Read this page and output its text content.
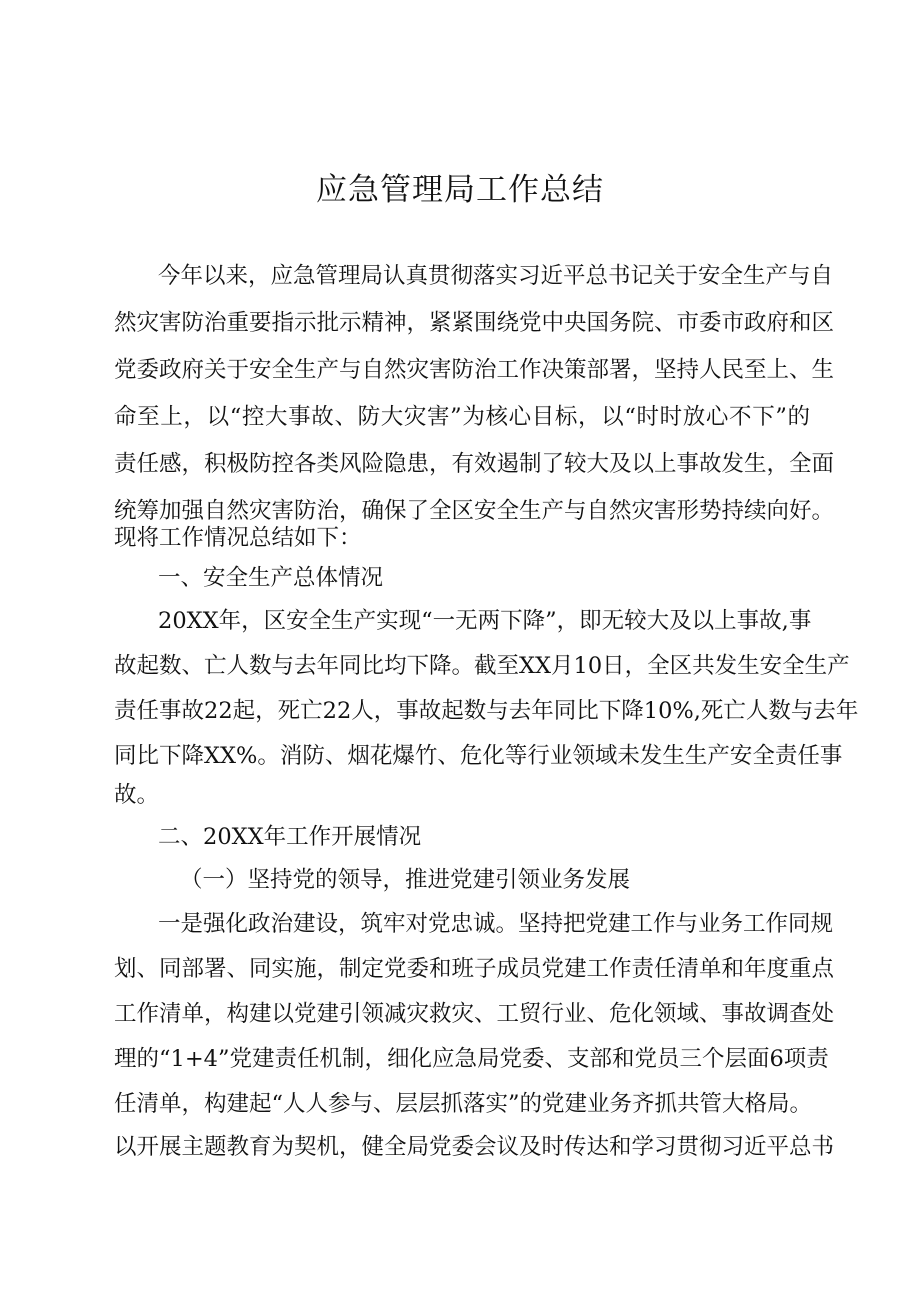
应急管理局工作总结
今年以来，应急管理局认真贯彻落实习近平总书记关于安全生产与自
然灾害防治重要指示批示精神，紧紧围绕党中央国务院、市委市政府和区
党委政府关于安全生产与自然灾害防治工作决策部署，坚持人民至上、生
命至上，以“控大事故、防大灾害”为核心目标，以“时时放心不下”的
责任感，积极防控各类风险隐患，有效遏制了较大及以上事故发生，全面
统筹加强自然灾害防治，确保了全区安全生产与自然灾害形势持续向好。
现将工作情况总结如下：
一、安全生产总体情况
20XX年，区安全生产实现“一无两下降”，即无较大及以上事故,事
故起数、亡人数与去年同比均下降。截至XX月10日，全区共发生安全生产
责任事故22起，死亡22人，事故起数与去年同比下降10%,死亡人数与去年
同比下降XX%。消防、烟花爆竹、危化等行业领域未发生生产安全责任事
故。
二、20XX年工作开展情况
（一）坚持党的领导，推进党建引领业务发展
一是强化政治建设，筑牢对党忠诚。坚持把党建工作与业务工作同规
划、同部署、同实施，制定党委和班子成员党建工作责任清单和年度重点
工作清单，构建以党建引领减灾救灾、工贸行业、危化领域、事故调查处
理的“1+4”党建责任机制，细化应急局党委、支部和党员三个层面6项责
任清单，构建起“人人参与、层层抓落实”的党建业务齐抓共管大格局。
以开展主题教育为契机，健全局党委会议及时传达和学习贯彻习近平总书
